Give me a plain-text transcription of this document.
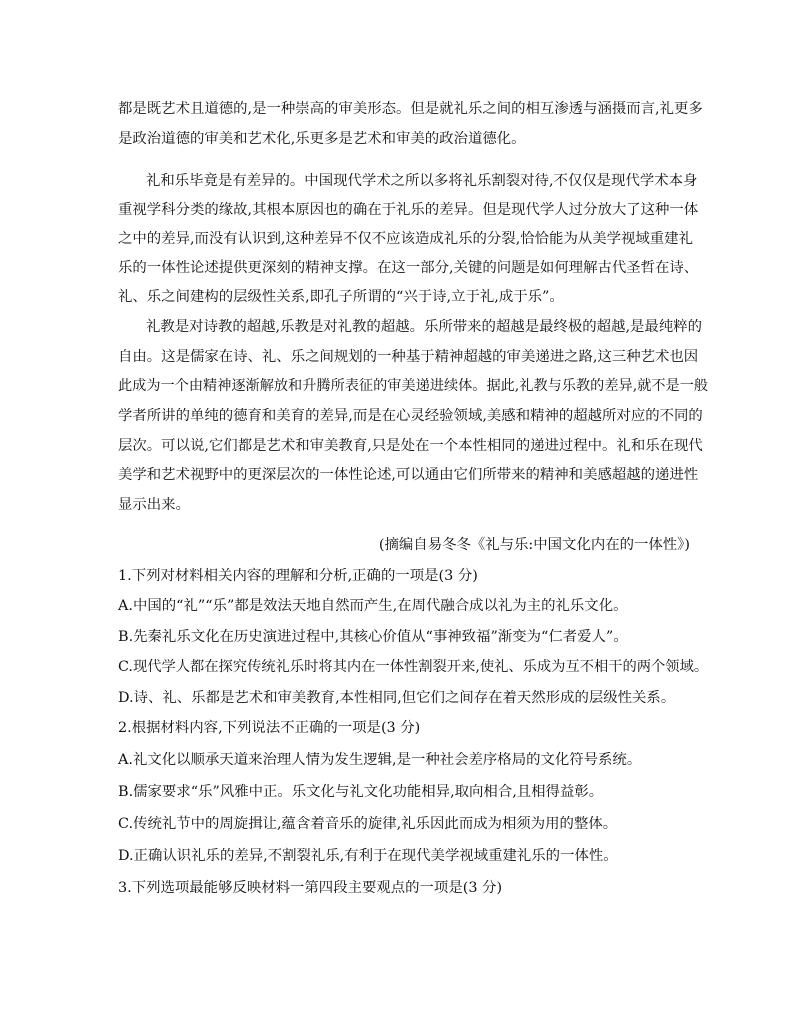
都是既艺术且道德的,是一种崇高的审美形态。但是就礼乐之间的相互渗透与涵摄而言,礼更多
是政治道德的审美和艺术化,乐更多是艺术和审美的政治道德化。
礼和乐毕竟是有差异的。中国现代学术之所以多将礼乐割裂对待,不仅仅是现代学术本身
重视学科分类的缘故,其根本原因也的确在于礼乐的差异。但是现代学人过分放大了这种一体
之中的差异,而没有认识到,这种差异不仅不应该造成礼乐的分裂,恰恰能为从美学视域重建礼
乐的一体性论述提供更深刻的精神支撑。在这一部分,关键的问题是如何理解古代圣哲在诗、
礼、乐之间建构的层级性关系,即孔子所谓的“兴于诗,立于礼,成于乐”。
礼教是对诗教的超越,乐教是对礼教的超越。乐所带来的超越是最终极的超越,是最纯粹的
自由。这是儒家在诗、礼、乐之间规划的一种基于精神超越的审美递进之路,这三种艺术也因
此成为一个由精神逐渐解放和升腾所表征的审美递进续体。据此,礼教与乐教的差异,就不是一般
学者所讲的单纯的德育和美育的差异,而是在心灵经验领域,美感和精神的超越所对应的不同的
层次。可以说,它们都是艺术和审美教育,只是处在一个本性相同的递进过程中。礼和乐在现代
美学和艺术视野中的更深层次的一体性论述,可以通由它们所带来的精神和美感超越的递进性
显示出来。
(摘编自易冬冬《礼与乐:中国文化内在的一体性》)
1.下列对材料相关内容的理解和分析,正确的一项是(3 分)
A.中国的“礼”“乐”都是效法天地自然而产生,在周代融合成以礼为主的礼乐文化。
B.先秦礼乐文化在历史演进过程中,其核心价值从“事神致福”渐变为“仁者爱人”。
C.现代学人都在探究传统礼乐时将其内在一体性割裂开来,使礼、乐成为互不相干的两个领域。
D.诗、礼、乐都是艺术和审美教育,本性相同,但它们之间存在着天然形成的层级性关系。
2.根据材料内容,下列说法不正确的一项是(3 分)
A.礼文化以顺承天道来治理人情为发生逻辑,是一种社会差序格局的文化符号系统。
B.儒家要求“乐”风雅中正。乐文化与礼文化功能相异,取向相合,且相得益彰。
C.传统礼节中的周旋揖让,蕴含着音乐的旋律,礼乐因此而成为相须为用的整体。
D.正确认识礼乐的差异,不割裂礼乐,有利于在现代美学视域重建礼乐的一体性。
3.下列选项最能够反映材料一第四段主要观点的一项是(3 分)
